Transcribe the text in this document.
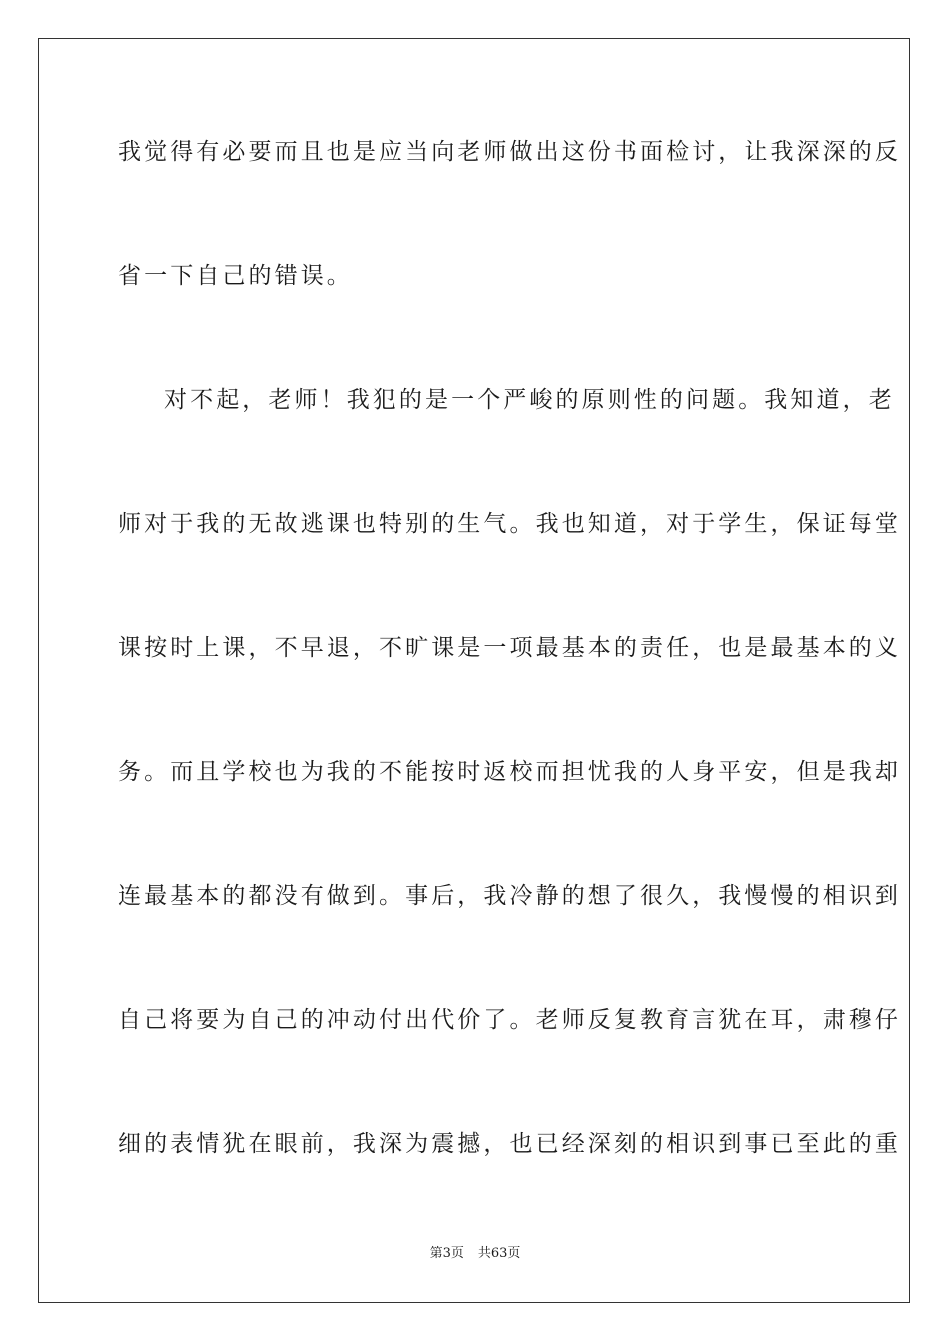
我觉得有必要而且也是应当向老师做出这份书面检讨，让我深深的反
省一下自己的错误。
对不起，老师！我犯的是一个严峻的原则性的问题。我知道，老
师对于我的无故逃课也特别的生气。我也知道，对于学生，保证每堂
课按时上课，不早退，不旷课是一项最基本的责任，也是最基本的义
务。而且学校也为我的不能按时返校而担忧我的人身平安，但是我却
连最基本的都没有做到。事后，我冷静的想了很久，我慢慢的相识到
自己将要为自己的冲动付出代价了。老师反复教育言犹在耳，肃穆仔
细的表情犹在眼前，我深为震撼，也已经深刻的相识到事已至此的重
第3页 共63页
